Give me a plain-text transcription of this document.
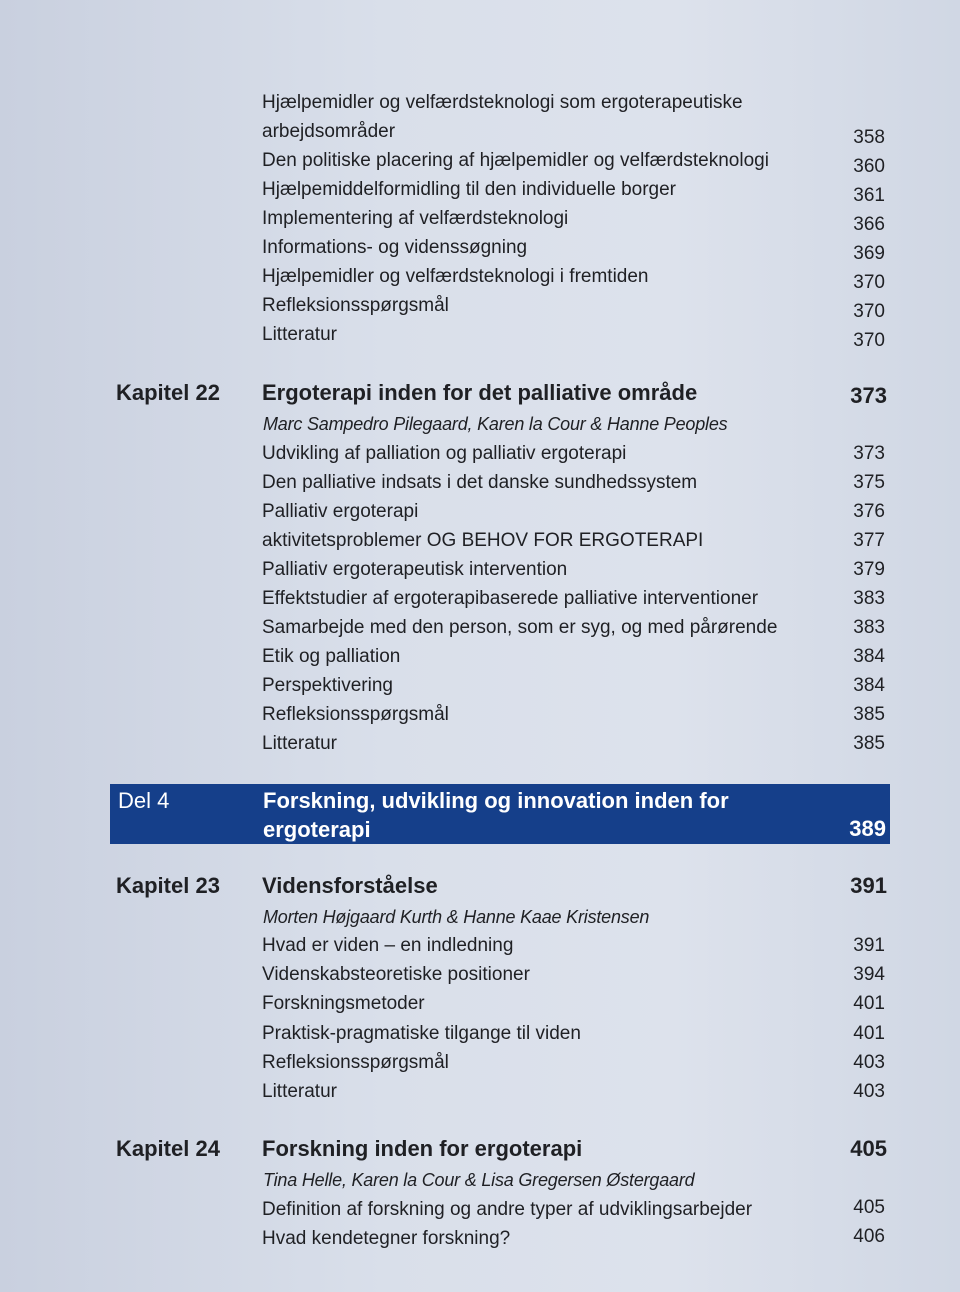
Hjælpemidler og velfærdsteknologi som ergoterapeutiske
arbejdsområder	358
Den politiske placering af hjælpemidler og velfærdsteknologi	360
Hjælpemiddelformidling til den individuelle borger	361
Implementering af velfærdsteknologi	366
Informations- og videnssøgning	369
Hjælpemidler og velfærdsteknologi i fremtiden	370
Refleksionsspørgsmål	370
Litteratur	370
Kapitel 22 Ergoterapi inden for det palliative område	373
Marc Sampedro Pilegaard, Karen la Cour & Hanne Peoples
Udvikling af palliation og palliativ ergoterapi	373
Den palliative indsats i det danske sundhedssystem	375
Palliativ ergoterapi	376
aktivitetsproblemer OG BEHOV FOR ERGOTERAPI	377
Palliativ ergoterapeutisk intervention	379
Effektstudier af ergoterapibaserede palliative interventioner	383
Samarbejde med den person, som er syg, og med pårørende	383
Etik og palliation	384
Perspektivering	384
Refleksionsspørgsmål	385
Litteratur	385
Del 4	Forskning, udvikling og innovation inden for ergoterapi	389
Kapitel 23 Vidensforståelse	391
Morten Højgaard Kurth & Hanne Kaae Kristensen
Hvad er viden – en indledning	391
Videnskabsteoretiske positioner	394
Forskningsmetoder	401
Praktisk-pragmatiske tilgange til viden	401
Refleksionsspørgsmål	403
Litteratur	403
Kapitel 24 Forskning inden for ergoterapi	405
Tina Helle, Karen la Cour & Lisa Gregersen Østergaard
Definition af forskning og andre typer af udviklingsarbejder	405
Hvad kendetegner forskning?	406
